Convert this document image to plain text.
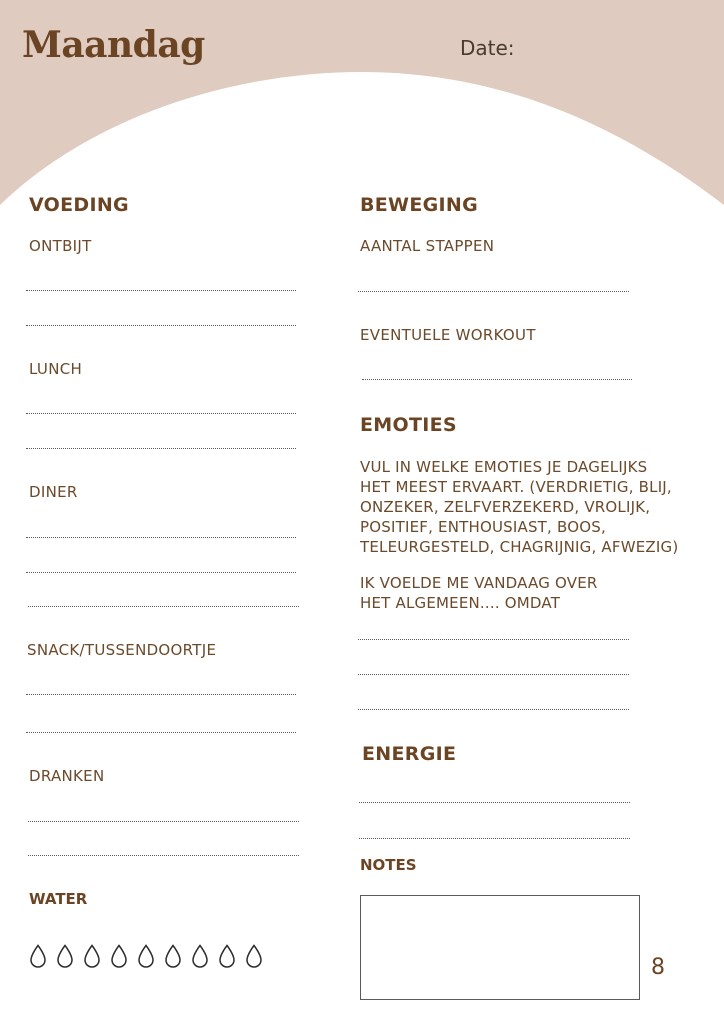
Maandag	Date:
VOEDING
ONTBIJT
LUNCH
DINER
SNACK/TUSSENDOORTJE
DRANKEN
WATER
BEWEGING
AANTAL STAPPEN
EVENTUELE WORKOUT
EMOTIES
VUL IN WELKE EMOTIES JE DAGELIJKS
HET MEEST ERVAART. (VERDRIETIG, BLIJ,
ONZEKER, ZELFVERZEKERD, VROLIJK,
POSITIEF, ENTHOUSIAST, BOOS,
TELEURGESTELD, CHAGRIJNIG, AFWEZIG)
IK VOELDE ME VANDAAG OVER
HET ALGEMEEN.... OMDAT
ENERGIE
NOTES
8
